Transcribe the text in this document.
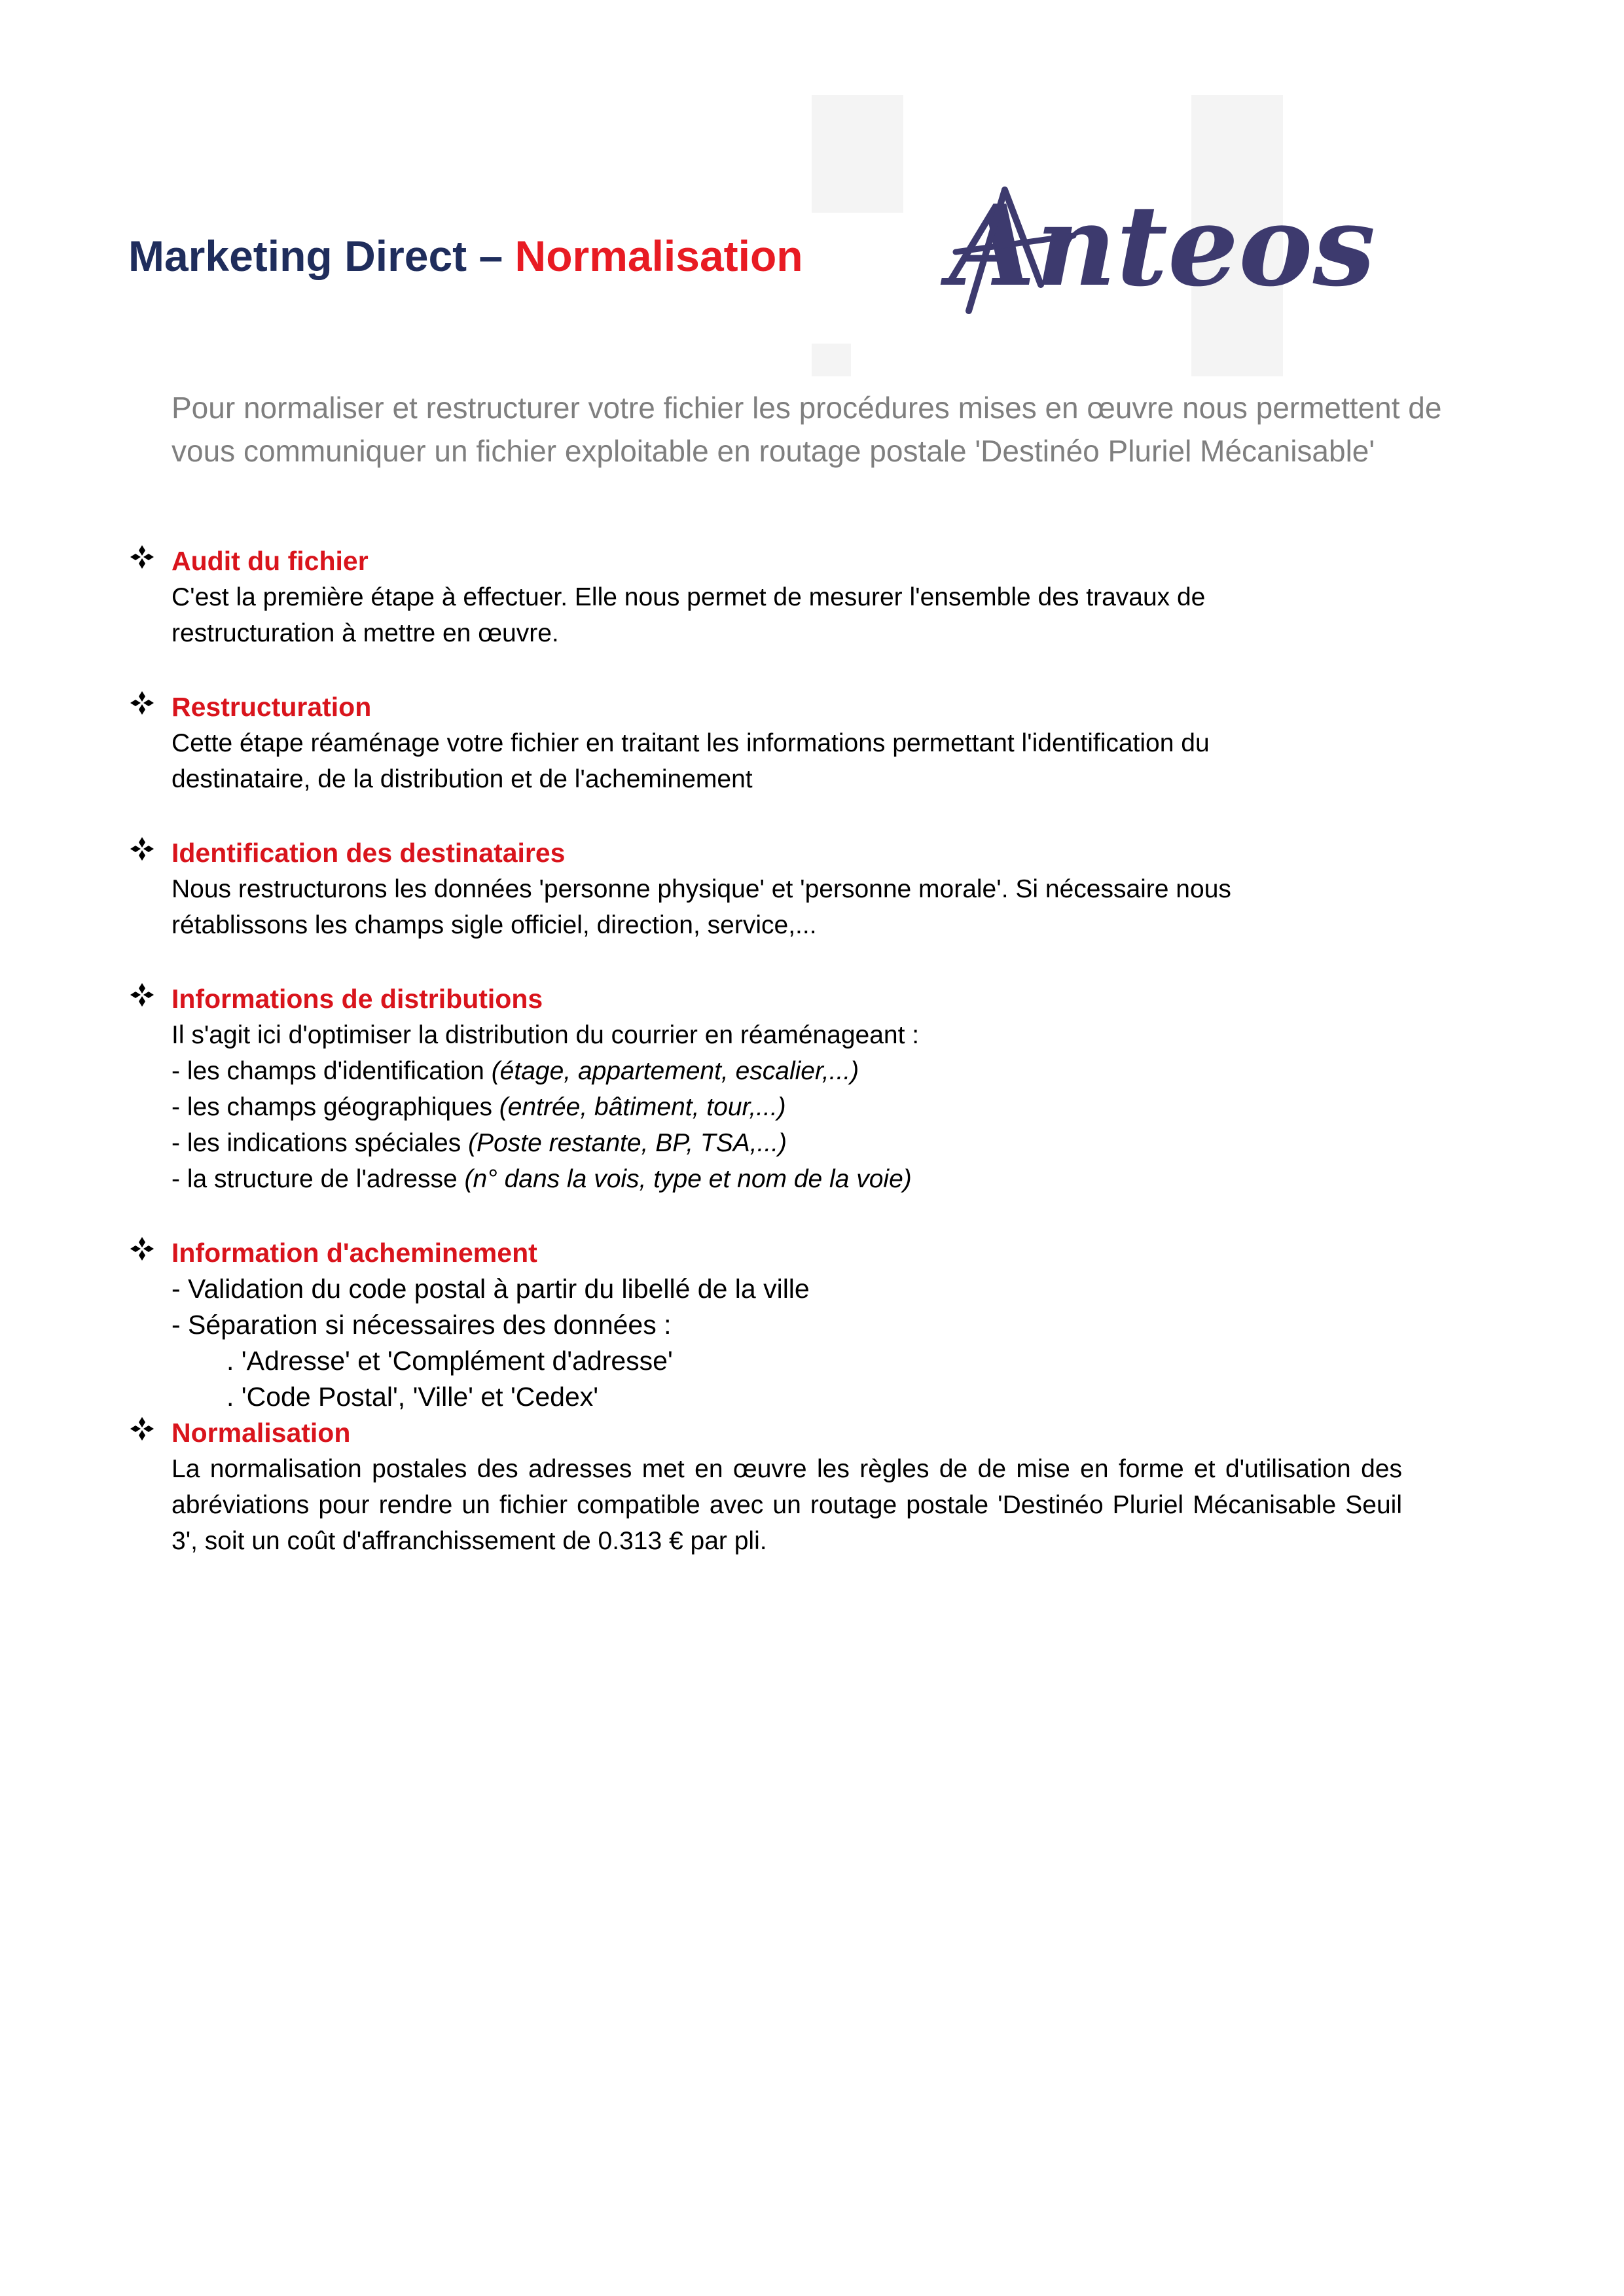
Marketing Direct – Normalisation Anteos
Pour normaliser et restructurer votre fichier les procédures mises en œuvre nous permettent de vous communiquer un fichier exploitable en routage postale 'Destinéo Pluriel Mécanisable'
Audit du fichier
C'est la première étape à effectuer. Elle nous permet de mesurer l'ensemble des travaux de
restructuration à mettre en œuvre.
Restructuration
Cette étape réaménage votre fichier en traitant les informations permettant l'identification du
destinataire, de la distribution et de l'acheminement
Identification des destinataires
Nous restructurons les données 'personne physique' et 'personne morale'. Si nécessaire nous
rétablissons les champs sigle officiel, direction, service,...
Informations de distributions
Il s'agit ici d'optimiser la distribution du courrier en réaménageant :
- les champs d'identification (étage, appartement, escalier,...)
- les champs géographiques (entrée, bâtiment, tour,...)
- les indications spéciales (Poste restante, BP, TSA,...)
- la structure de l'adresse (n° dans la vois, type et nom de la voie)
Information d'acheminement
- Validation du code postal à partir du libellé de la ville
- Séparation si nécessaires des données :
. 'Adresse' et 'Complément d'adresse'
. 'Code Postal', 'Ville' et 'Cedex'
Normalisation
La normalisation postales des adresses met en œuvre les règles de de mise en forme et d'utilisation des abréviations pour rendre un fichier compatible avec un routage postale 'Destinéo Pluriel Mécanisable Seuil 3', soit un coût d'affranchissement de 0.313 € par pli.
